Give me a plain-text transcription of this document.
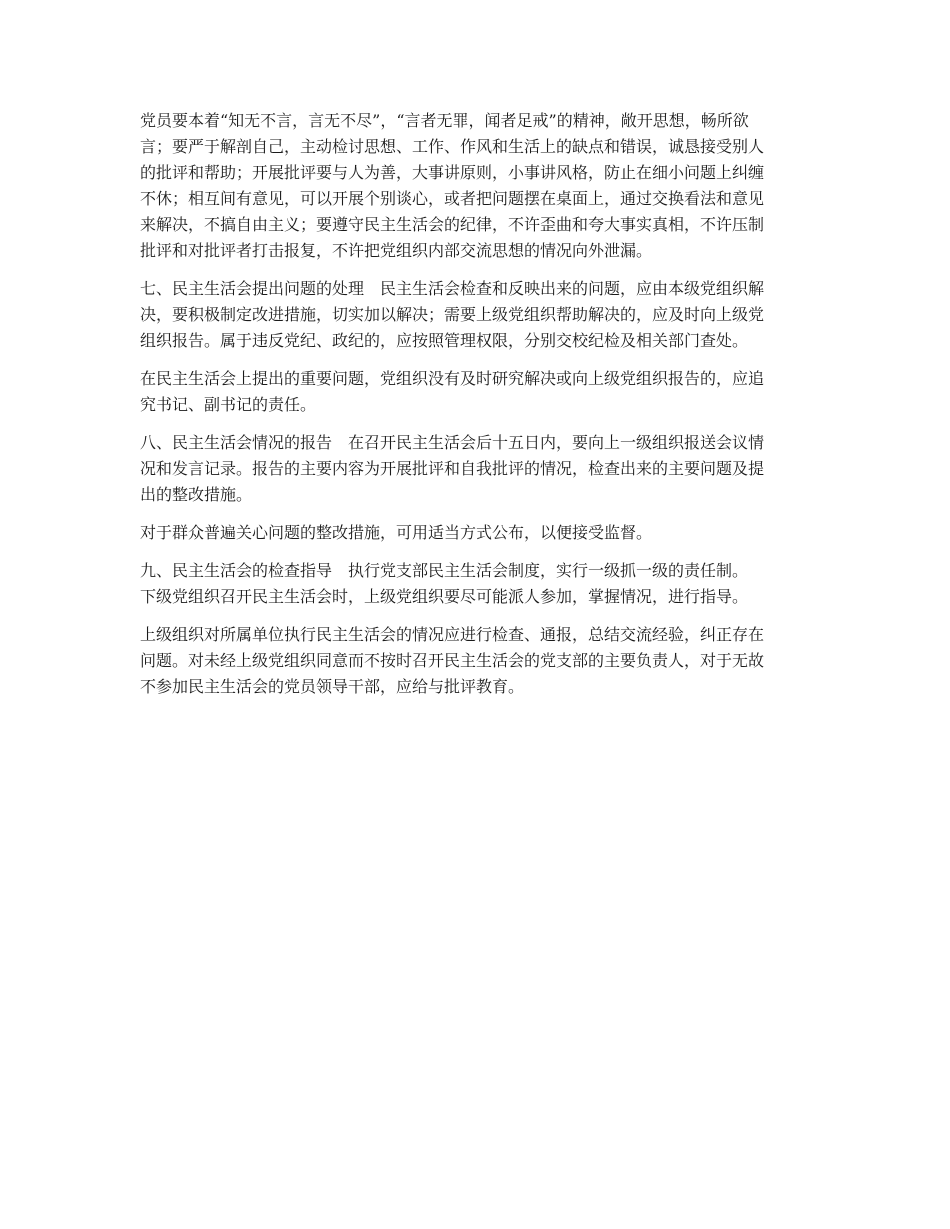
党员要本着“知无不言，言无不尽”，“言者无罪，闻者足戒”的精神，敞开思想，畅所欲
言；要严于解剖自己，主动检讨思想、工作、作风和生活上的缺点和错误，诚恳接受别人
的批评和帮助；开展批评要与人为善，大事讲原则，小事讲风格，防止在细小问题上纠缠
不休；相互间有意见，可以开展个别谈心，或者把问题摆在桌面上，通过交换看法和意见
来解决，不搞自由主义；要遵守民主生活会的纪律，不许歪曲和夸大事实真相，不许压制
批评和对批评者打击报复，不许把党组织内部交流思想的情况向外泄漏。
七、民主生活会提出问题的处理　民主生活会检查和反映出来的问题，应由本级党组织解
决，要积极制定改进措施，切实加以解决；需要上级党组织帮助解决的，应及时向上级党
组织报告。属于违反党纪、政纪的，应按照管理权限，分别交校纪检及相关部门查处。
在民主生活会上提出的重要问题，党组织没有及时研究解决或向上级党组织报告的，应追
究书记、副书记的责任。
八、民主生活会情况的报告　在召开民主生活会后十五日内，要向上一级组织报送会议情
况和发言记录。报告的主要内容为开展批评和自我批评的情况，检查出来的主要问题及提
出的整改措施。
对于群众普遍关心问题的整改措施，可用适当方式公布，以便接受监督。
九、民主生活会的检查指导　执行党支部民主生活会制度，实行一级抓一级的责任制。
下级党组织召开民主生活会时，上级党组织要尽可能派人参加，掌握情况，进行指导。
上级组织对所属单位执行民主生活会的情况应进行检查、通报，总结交流经验，纠正存在
问题。对未经上级党组织同意而不按时召开民主生活会的党支部的主要负责人，对于无故
不参加民主生活会的党员领导干部，应给与批评教育。
